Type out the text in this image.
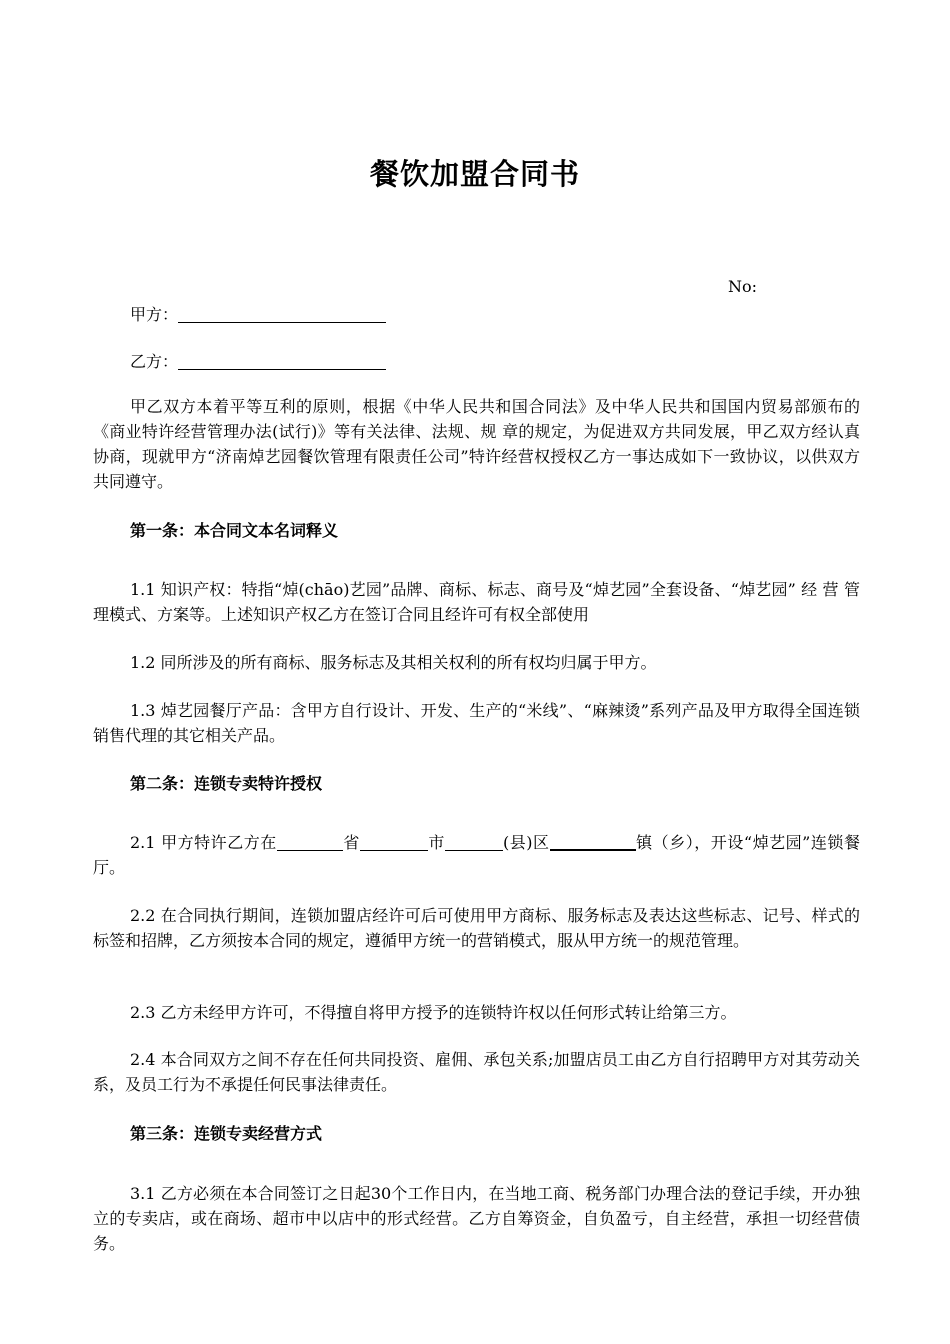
餐饮加盟合同书
No:
甲方：
乙方：

甲乙双方本着平等互利的原则，根据《中华人民共和国合同法》及中华人民共和国国内贸易部颁布的《商业特许经营管理办法(试行)》等有关法律、法规、规 章的规定，为促进双方共同发展，甲乙双方经认真协商，现就甲方“济南焯艺园餐饮管理有限责任公司”特许经营权授权乙方一事达成如下一致协议，以供双方共同遵守。

第一条：本合同文本名词释义

1.1 知识产权：特指“焯(chāo)艺园”品牌、商标、标志、商号及“焯艺园”全套设备、“焯艺园” 经 营 管理模式、方案等。上述知识产权乙方在签订合同且经许可有权全部使用

1.2 同所涉及的所有商标、服务标志及其相关权利的所有权均归属于甲方。

1.3 焯艺园餐厅产品：含甲方自行设计、开发、生产的“米线”、“麻辣烫”系列产品及甲方取得全国连锁销售代理的其它相关产品。

第二条：连锁专卖特许授权

2.1 甲方特许乙方在	省	市	(县)区	镇（乡），开设“焯艺园”连锁餐厅。

2.2 在合同执行期间，连锁加盟店经许可后可使用甲方商标、服务标志及表达这些标志、记号、样式的标签和招牌，乙方须按本合同的规定，遵循甲方统一的营销模式，服从甲方统一的规范管理。

2.3 乙方未经甲方许可，不得擅自将甲方授予的连锁特许权以任何形式转让给第三方。

2.4 本合同双方之间不存在任何共同投资、雇佣、承包关系;加盟店员工由乙方自行招聘甲方对其劳动关系，及员工行为不承提任何民事法律责任。

第三条：连锁专卖经营方式

3.1 乙方必须在本合同签订之日起30个工作日内，在当地工商、税务部门办理合法的登记手续，开办独立的专卖店，或在商场、超市中以店中的形式经营。乙方自筹资金，自负盈亏，自主经营，承担一切经营债务。
